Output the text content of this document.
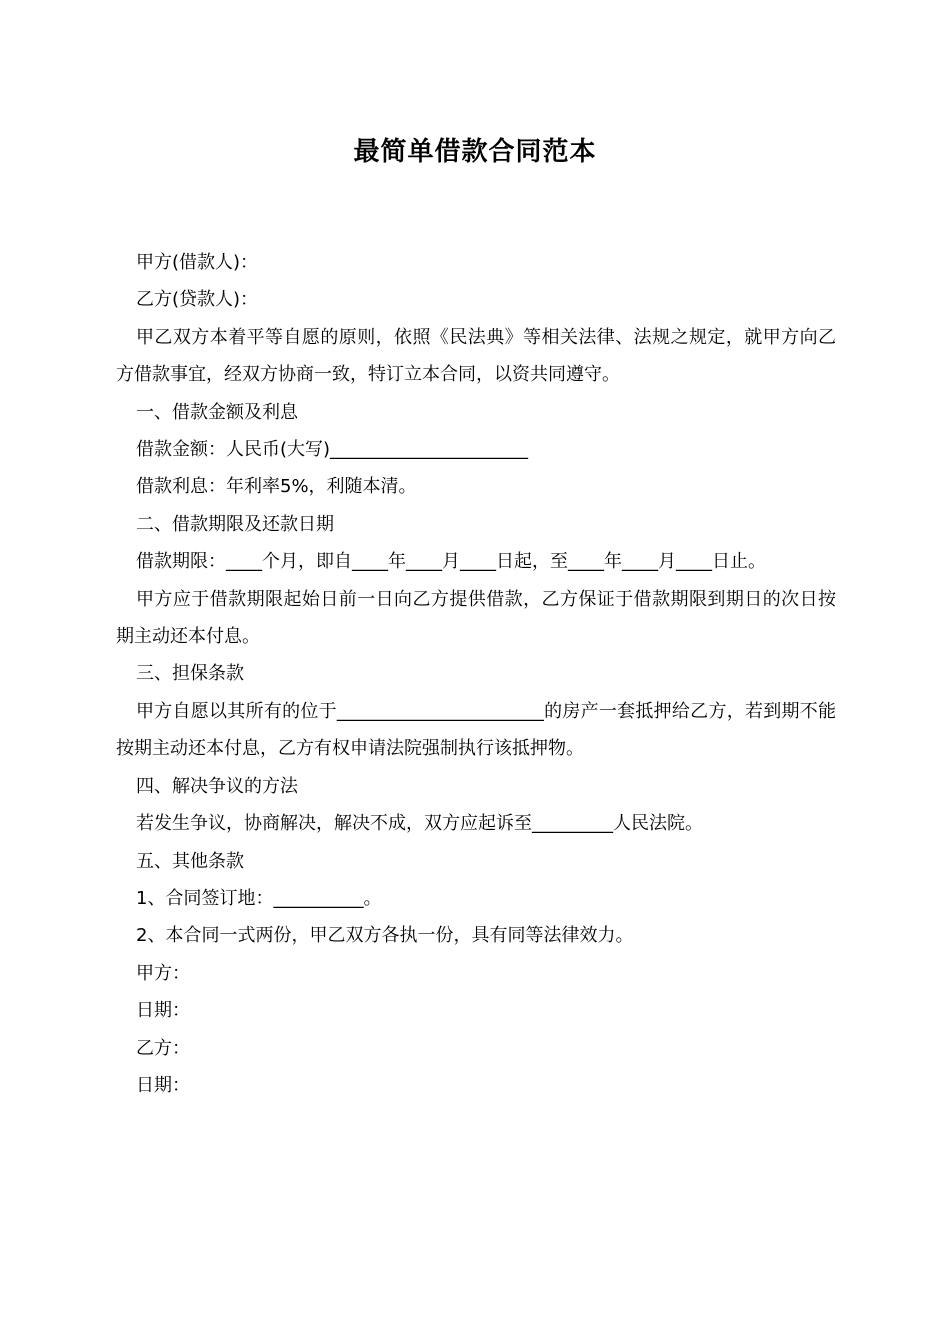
最简单借款合同范本

甲方(借款人)：

乙方(贷款人)：

甲乙双方本着平等自愿的原则，依照《民法典》等相关法律、法规之规定，就甲方向乙方借款事宜，经双方协商一致，特订立本合同，以资共同遵守。

一、借款金额及利息

借款金额：人民币(大写)______________________

借款利息：年利率5%，利随本清。

二、借款期限及还款日期

借款期限：____个月，即自____年____月____日起，至____年____月____日止。

甲方应于借款期限起始日前一日向乙方提供借款，乙方保证于借款期限到期日的次日按期主动还本付息。

三、担保条款

甲方自愿以其所有的位于_______________________的房产一套抵押给乙方，若到期不能按期主动还本付息，乙方有权申请法院强制执行该抵押物。

四、解决争议的方法

若发生争议，协商解决，解决不成，双方应起诉至_________人民法院。

五、其他条款

1、合同签订地：__________。

2、本合同一式两份，甲乙双方各执一份，具有同等法律效力。

甲方：

日期：

乙方：

日期：
